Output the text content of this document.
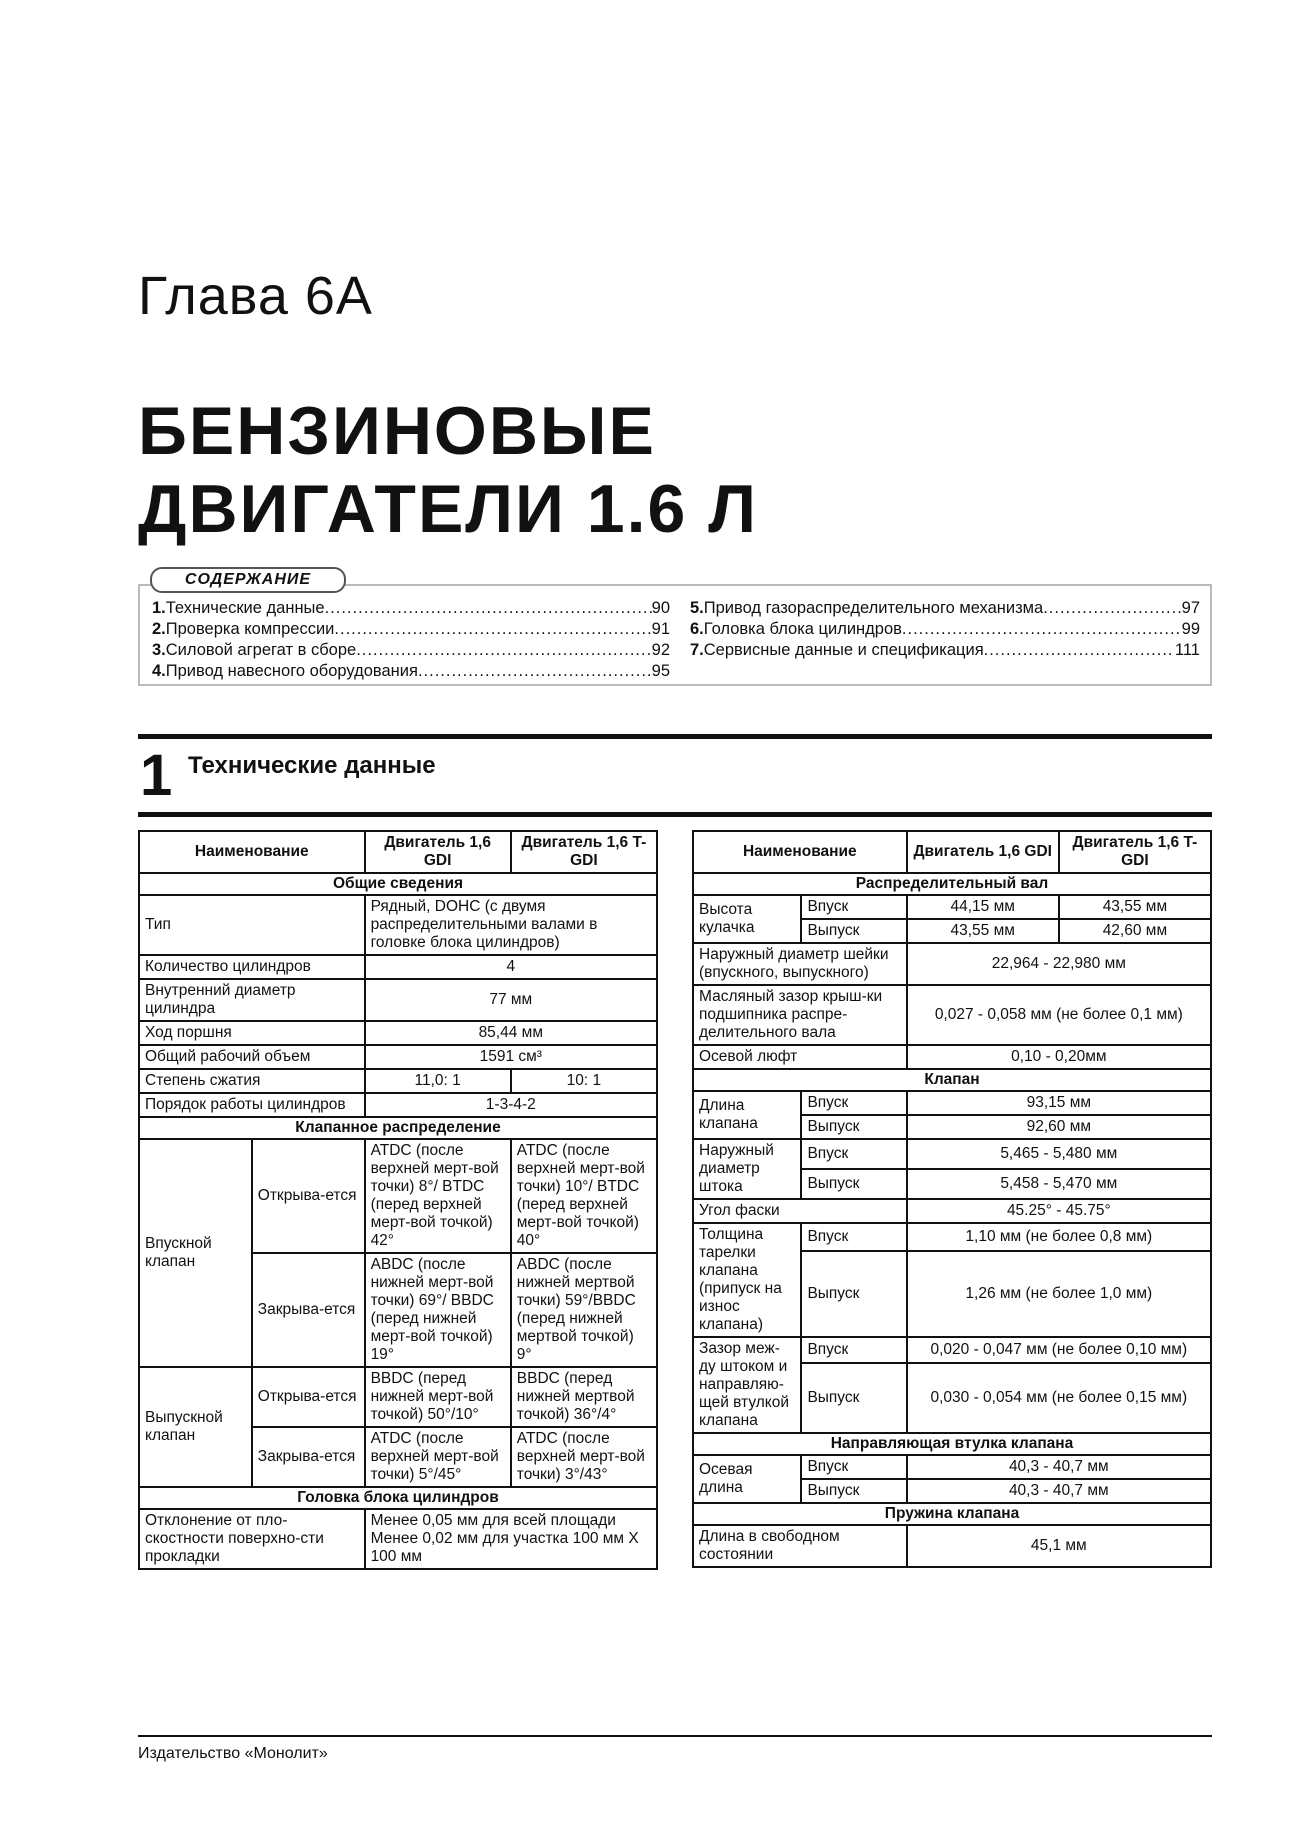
Глава 6А
БЕНЗИНОВЫЕ
ДВИГАТЕЛИ 1.6 Л
СОДЕРЖАНИЕ
1. Технические данные .....	90
2. Проверка компрессии .....	91
3. Силовой агрегат в сборе .....	92
4. Привод навесного оборудования .....	95
5. Привод газораспределительного механизма .....	97
6. Головка блока цилиндров .....	99
7. Сервисные данные и спецификация .....	111
1 Технические данные
Наименование		Двигатель 1,6 GDI	Двигатель 1,6 T-GDI
Общие сведения			
Тип		Рядный, DOHC (с двумя распределительными валами в головке блока цилиндров)	
Количество цилиндров		4	
Внутренний диаметр цилиндра		77 мм	
Ход поршня		85,44 мм	
Общий рабочий объем		1591 см³	
Степень сжатия		11,0: 1	10: 1
Порядок работы цилиндров		1-3-4-2	
Клапанное распределение			
Впускной клапан	Открыва-ется	ATDC (после верхней мерт-вой точки) 8°/ BTDC (перед верхней мерт-вой точкой) 42°	ATDC (после верхней мерт-вой точки) 10°/ BTDC (перед верхней мерт-вой точкой) 40°
	Закрыва-ется	ABDC (после нижней мерт-вой точки) 69°/ BBDC (перед нижней мерт-вой точкой) 19°	ABDC (после нижней мертвой точки) 59°/BBDC (перед нижней мертвой точкой) 9°
Выпускной клапан	Открыва-ется	BBDC (перед нижней мерт-вой точкой) 50°/10°	BBDC (перед нижней мертвой точкой) 36°/4°
	Закрыва-ется	ATDC (после верхней мерт-вой точки) 5°/45°	ATDC (после верхней мерт-вой точки) 3°/43°
Головка блока цилиндров			
Отклонение от пло-скостности поверхно-сти прокладки		Менее 0,05 мм для всей площади Менее 0,02 мм для участка 100 мм Х 100 мм	
Наименование		Двигатель 1,6 GDI	Двигатель 1,6 T-GDI
Распределительный вал			
Высота кулачка	Впуск	44,15 мм	43,55 мм
	Выпуск	43,55 мм	42,60 мм
Наружный диаметр шейки (впускного, выпускного)		22,964 - 22,980 мм	
Масляный зазор крыш-ки подшипника распре-делительного вала		0,027 - 0,058 мм (не более 0,1 мм)	
Осевой люфт		0,10 - 0,20мм	
Клапан			
Длина клапана	Впуск	93,15 мм	
	Выпуск	92,60 мм	
Наружный диаметр штока	Впуск	5,465 - 5,480 мм	
	Выпуск	5,458 - 5,470 мм	
Угол фаски		45.25° - 45.75°	
Толщина тарелки клапана (припуск на износ клапана)	Впуск	1,10 мм (не более 0,8 мм)	
	Выпуск	1,26 мм (не более 1,0 мм)	
Зазор меж-ду штоком и направляю-щей втулкой клапана	Впуск	0,020 - 0,047 мм (не более 0,10 мм)	
	Выпуск	0,030 - 0,054 мм (не более 0,15 мм)	
Направляющая втулка клапана			
Осевая длина	Впуск	40,3 - 40,7 мм	
	Выпуск	40,3 - 40,7 мм	
Пружина клапана			
Длина в свободном состоянии		45,1 мм	
Издательство «Монолит»
